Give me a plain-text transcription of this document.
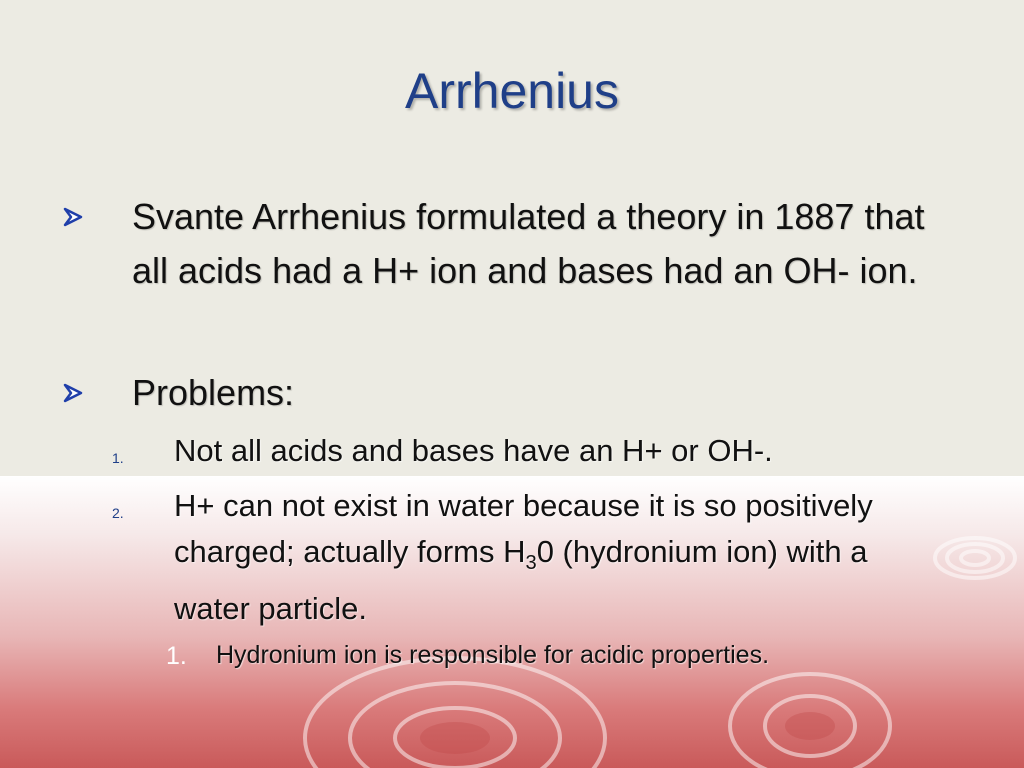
Arrhenius
Svante Arrhenius formulated a theory in 1887 that all acids had a H+ ion and bases had an OH- ion.
Problems:
1. Not all acids and bases have an H+ or OH-.
2. H+ can not exist in water because it is so positively charged; actually forms $H_30$ (hydronium ion) with a water particle.
1. Hydronium ion is responsible for acidic properties.
